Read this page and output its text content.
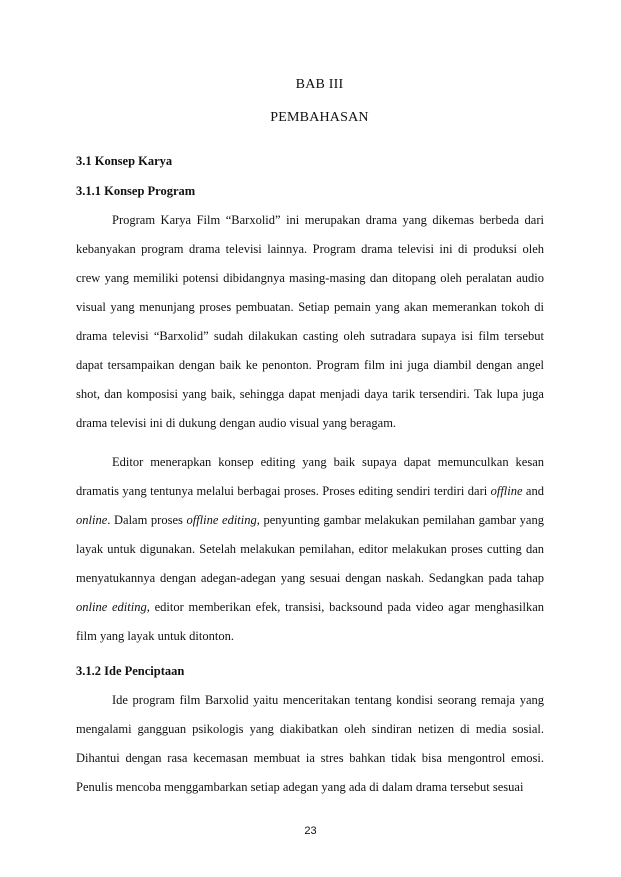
BAB III
PEMBAHASAN
3.1 Konsep Karya
3.1.1 Konsep Program

Program Karya Film “Barxolid” ini merupakan drama yang dikemas berbeda dari kebanyakan program drama televisi lainnya. Program drama televisi ini di produksi oleh crew yang memiliki potensi dibidangnya masing-masing dan ditopang oleh peralatan audio visual yang menunjang proses pembuatan. Setiap pemain yang akan memerankan tokoh di drama televisi “Barxolid” sudah dilakukan casting oleh sutradara supaya isi film tersebut dapat tersampaikan dengan baik ke penonton. Program film ini juga diambil dengan angel shot, dan komposisi yang baik, sehingga dapat menjadi daya tarik tersendiri. Tak lupa juga drama televisi ini di dukung dengan audio visual yang beragam.

Editor menerapkan konsep editing yang baik supaya dapat memunculkan kesan dramatis yang tentunya melalui berbagai proses. Proses editing sendiri terdiri dari offline and online. Dalam proses offline editing, penyunting gambar melakukan pemilahan gambar yang layak untuk digunakan. Setelah melakukan pemilahan, editor melakukan proses cutting dan menyatukannya dengan adegan-adegan yang sesuai dengan naskah. Sedangkan pada tahap online editing, editor memberikan efek, transisi, backsound pada video agar menghasilkan film yang layak untuk ditonton.

3.1.2 Ide Penciptaan

Ide program film Barxolid yaitu menceritakan tentang kondisi seorang remaja yang mengalami gangguan psikologis yang diakibatkan oleh sindiran netizen di media sosial. Dihantui dengan rasa kecemasan membuat ia stres bahkan tidak bisa mengontrol emosi. Penulis mencoba menggambarkan setiap adegan yang ada di dalam drama tersebut sesuai

23
